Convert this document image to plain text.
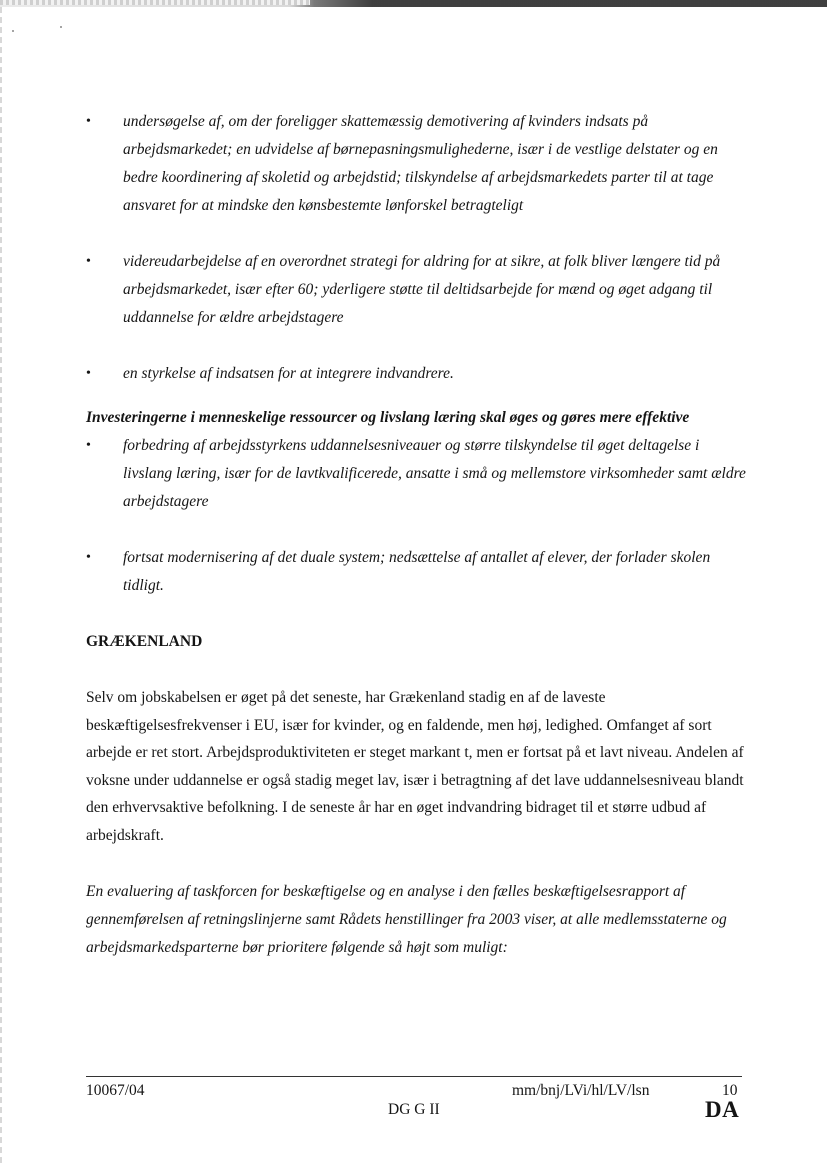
• undersøgelse af, om der foreligger skattemæssig demotivering af kvinders indsats på arbejdsmarkedet; en udvidelse af børnepasningsmulighederne, især i de vestlige delstater og en bedre koordinering af skoletid og arbejdstid; tilskyndelse af arbejdsmarkedets parter til at tage ansvaret for at mindske den kønsbestemte lønforskel betragteligt
• videreudarbejdelse af en overordnet strategi for aldring for at sikre, at folk bliver længere tid på arbejdsmarkedet, især efter 60; yderligere støtte til deltidsarbejde for mænd og øget adgang til uddannelse for ældre arbejdstagere
• en styrkelse af indsatsen for at integrere indvandrere.
Investeringerne i menneskelige ressourcer og livslang læring skal øges og gøres mere effektive
• forbedring af arbejdsstyrkens uddannelsesniveauer og større tilskyndelse til øget deltagelse i livslang læring, især for de lavtkvalificerede, ansatte i små og mellemstore virksomheder samt ældre arbejdstagere
• fortsat modernisering af det duale system; nedsættelse af antallet af elever, der forlader skolen tidligt.
GRÆKENLAND
Selv om jobskabelsen er øget på det seneste, har Grækenland stadig en af de laveste beskæftigelsesfrekvenser i EU, især for kvinder, og en faldende, men høj, ledighed. Omfanget af sort arbejde er ret stort. Arbejdsproduktiviteten er steget markant t, men er fortsat på et lavt niveau. Andelen af voksne under uddannelse er også stadig meget lav, især i betragtning af det lave uddannelsesniveau blandt den erhvervsaktive befolkning. I de seneste år har en øget indvandring bidraget til et større udbud af arbejdskraft.
En evaluering af taskforcen for beskæftigelse og en analyse i den fælles beskæftigelsesrapport af gennemførelsen af retningslinjerne samt Rådets henstillinger fra 2003 viser, at alle medlemsstaterne og arbejdsmarkedsparterne bør prioritere følgende så højt som muligt:
10067/04
DG G II
mm/bnj/LVi/hl/LV/lsn	10
DA
